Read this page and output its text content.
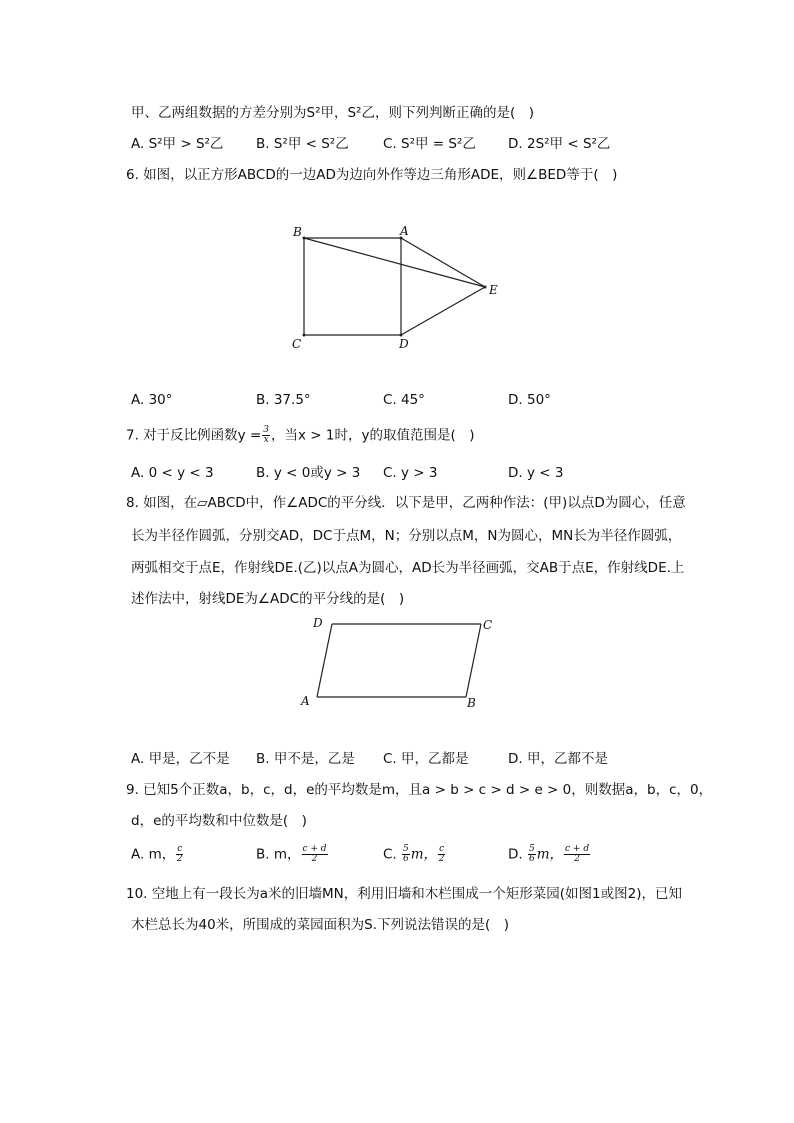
甲、乙两组数据的方差分别为S²甲，S²乙，则下列判断正确的是(　)
A. S²甲 > S²乙 B. S²甲 < S²乙	C. S²甲 = S²乙 D. 2S²甲 < S²乙
6. 如图，以正方形ABCD的一边AD为边向外作等边三角形ADE，则∠BED等于(　)
B	A
E
C	D
A. 30°	B. 37.5°	C. 45°	D. 50°
7. 对于反比例函数$y = \frac{3}{x}$ ，当x > 1时，y的取值范围是(　)
A. 0 < y < 3	B. y < 0或y > 3 C. y > 3	D. y < 3
8. 如图，在▱ABCD中，作∠ADC的平分线．以下是甲，乙两种作法：(甲)以点D为圆心，任意
长为半径作圆弧，分别交AD，DC于点M，N；分别以点M，N为圆心，MN长为半径作圆弧，
两弧相交于点E，作射线DE.(乙)以点A为圆心，AD长为半径画弧，交AB于点E，作射线DE.上
述作法中，射线DE为∠ADC的平分线的是(　)
D	C
A	B
A. 甲是，乙不是 B. 甲不是，乙是 C. 甲，乙都是	D. 甲，乙都不是
9. 已知5个正数a，b，c，d，e的平均数是m，且a > b > c > d > e > 0，则数据a，b，c，0，
d，e的平均数和中位数是(　)
A. m， $\frac{c}{2}$	B. m， $\frac{c + d}{2}$	C. $\frac{5}{6}$ m， $\frac{c}{2}$	D. $\frac{5}{6}$ m， $\frac{c + d}{2}$
10. 空地上有一段长为a米的旧墙MN，利用旧墙和木栏围成一个矩形菜园(如图1或图2)，已知
木栏总长为40米，所围成的菜园面积为S.下列说法错误的是(　)
